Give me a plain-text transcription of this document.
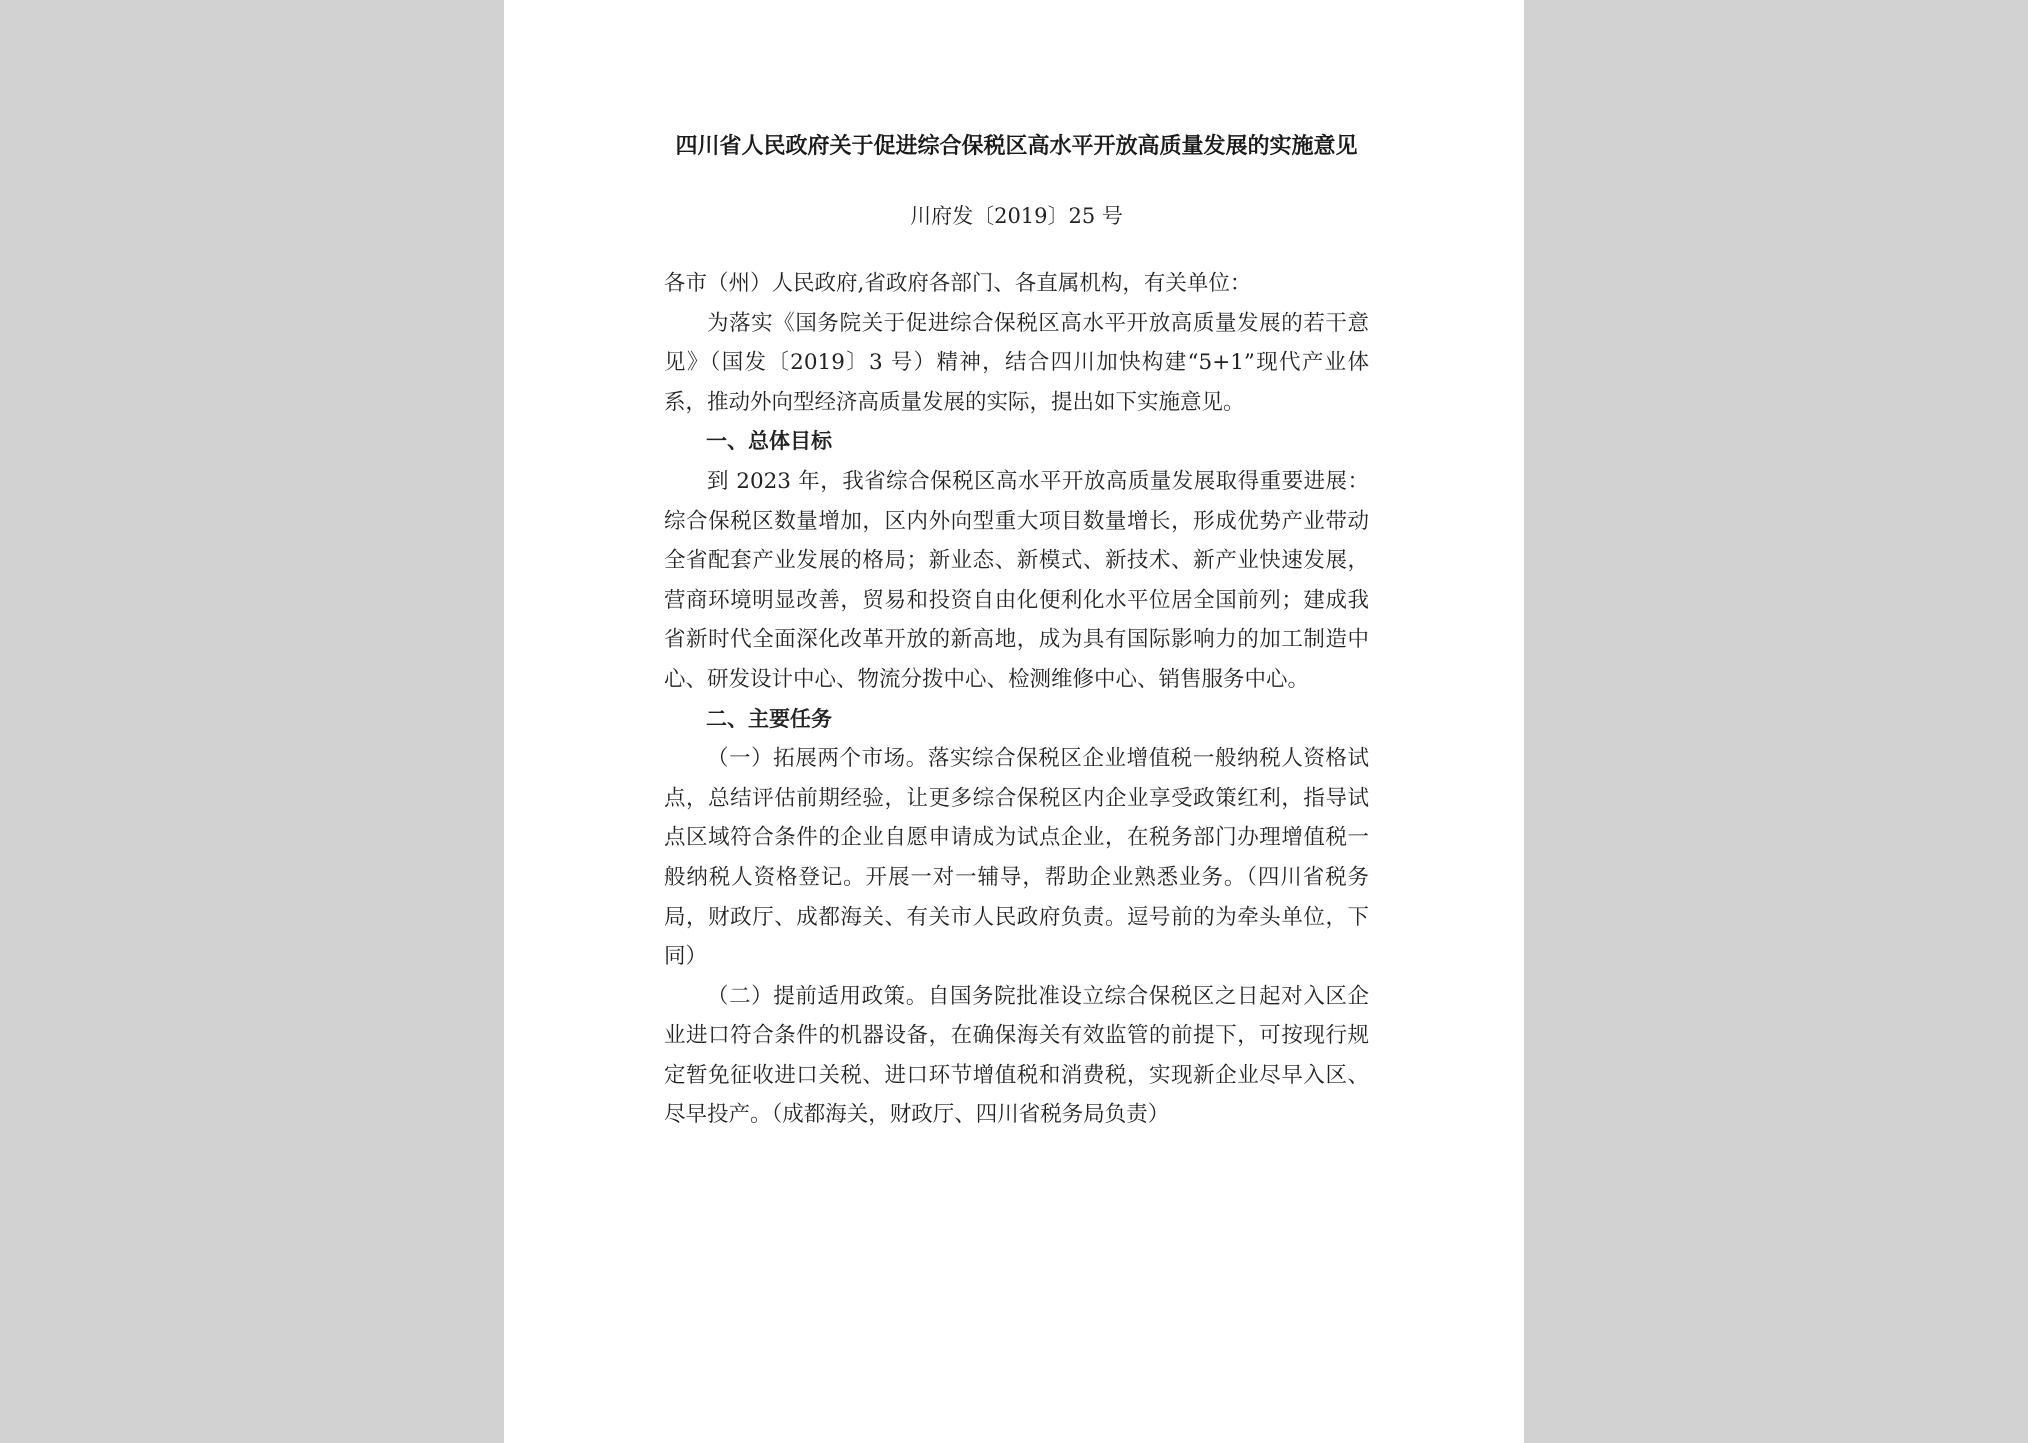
四川省人民政府关于促进综合保税区高水平开放高质量发展的实施意见
川府发〔2019〕25 号

各市（州）人民政府,省政府各部门、各直属机构，有关单位：

为落实《国务院关于促进综合保税区高水平开放高质量发展的若干意见》（国发〔2019〕3 号）精神，结合四川加快构建“5+1”现代产业体系，推动外向型经济高质量发展的实际，提出如下实施意见。

一、总体目标

到 2023 年，我省综合保税区高水平开放高质量发展取得重要进展：综合保税区数量增加，区内外向型重大项目数量增长，形成优势产业带动全省配套产业发展的格局；新业态、新模式、新技术、新产业快速发展，营商环境明显改善，贸易和投资自由化便利化水平位居全国前列；建成我省新时代全面深化改革开放的新高地，成为具有国际影响力的加工制造中心、研发设计中心、物流分拨中心、检测维修中心、销售服务中心。

二、主要任务

（一）拓展两个市场。落实综合保税区企业增值税一般纳税人资格试点，总结评估前期经验，让更多综合保税区内企业享受政策红利，指导试点区域符合条件的企业自愿申请成为试点企业，在税务部门办理增值税一般纳税人资格登记。开展一对一辅导，帮助企业熟悉业务。（四川省税务局，财政厅、成都海关、有关市人民政府负责。逗号前的为牵头单位，下同）

（二）提前适用政策。自国务院批准设立综合保税区之日起对入区企业进口符合条件的机器设备，在确保海关有效监管的前提下，可按现行规定暂免征收进口关税、进口环节增值税和消费税，实现新企业尽早入区、尽早投产。（成都海关，财政厅、四川省税务局负责）
